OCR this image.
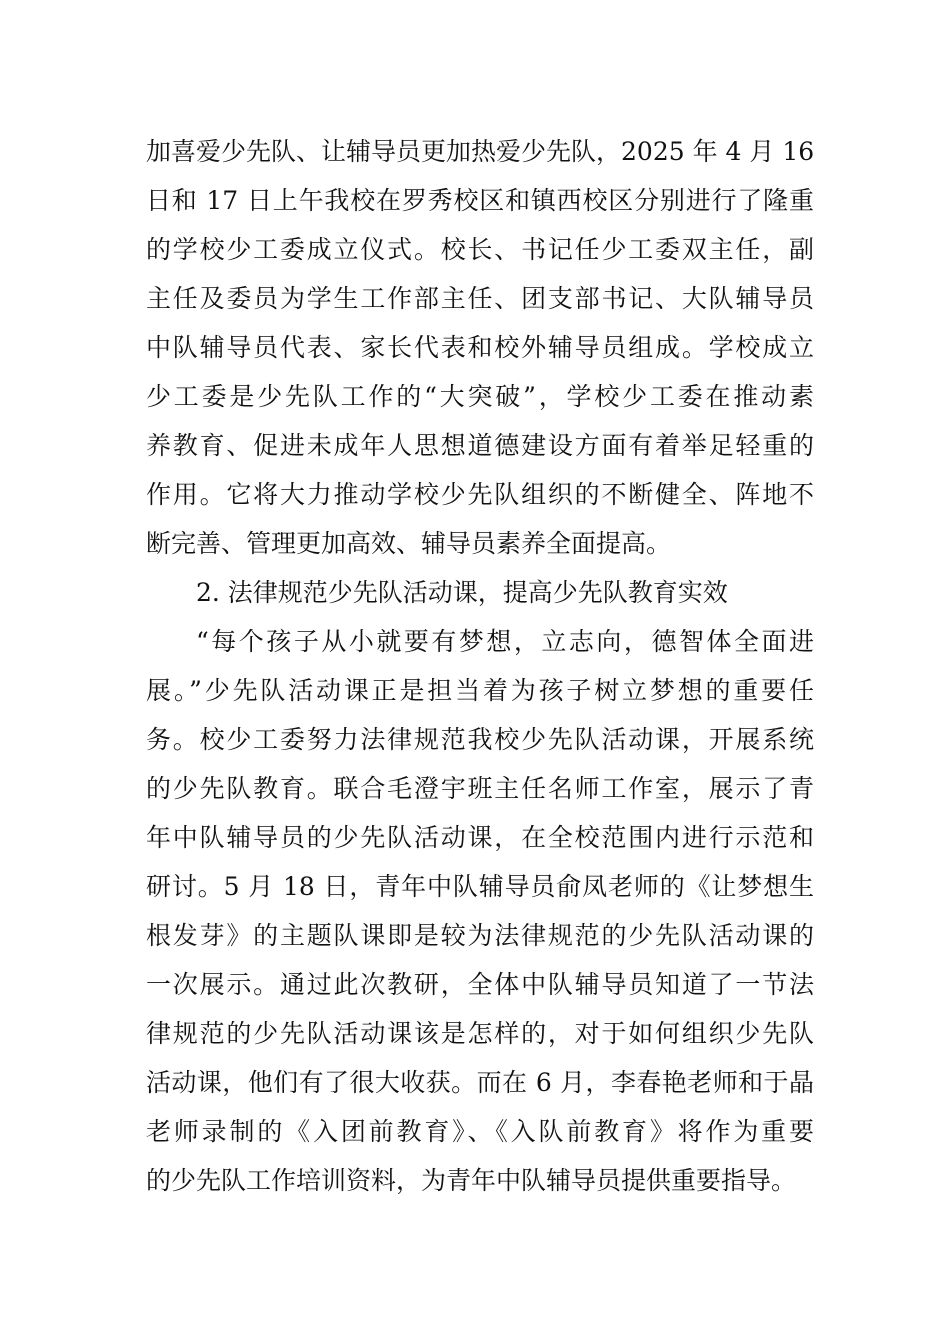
加喜爱少先队、让辅导员更加热爱少先队，2025 年 4 月 16
日和 17 日上午我校在罗秀校区和镇西校区分别进行了隆重
的学校少工委成立仪式。校长、书记任少工委双主任，副
主任及委员为学生工作部主任、团支部书记、大队辅导员
中队辅导员代表、家长代表和校外辅导员组成。学校成立
少工委是少先队工作的“大突破”，学校少工委在推动素
养教育、促进未成年人思想道德建设方面有着举足轻重的
作用。它将大力推动学校少先队组织的不断健全、阵地不
断完善、管理更加高效、辅导员素养全面提高。
2. 法律规范少先队活动课，提高少先队教育实效
“每个孩子从小就要有梦想，立志向，德智体全面进
展。”少先队活动课正是担当着为孩子树立梦想的重要任
务。校少工委努力法律规范我校少先队活动课，开展系统
的少先队教育。联合毛澄宇班主任名师工作室，展示了青
年中队辅导员的少先队活动课，在全校范围内进行示范和
研讨。5 月 18 日，青年中队辅导员俞凤老师的《让梦想生
根发芽》的主题队课即是较为法律规范的少先队活动课的
一次展示。通过此次教研，全体中队辅导员知道了一节法
律规范的少先队活动课该是怎样的，对于如何组织少先队
活动课，他们有了很大收获。而在 6 月，李春艳老师和于晶
老师录制的《入团前教育》、《入队前教育》将作为重要
的少先队工作培训资料，为青年中队辅导员提供重要指导。
